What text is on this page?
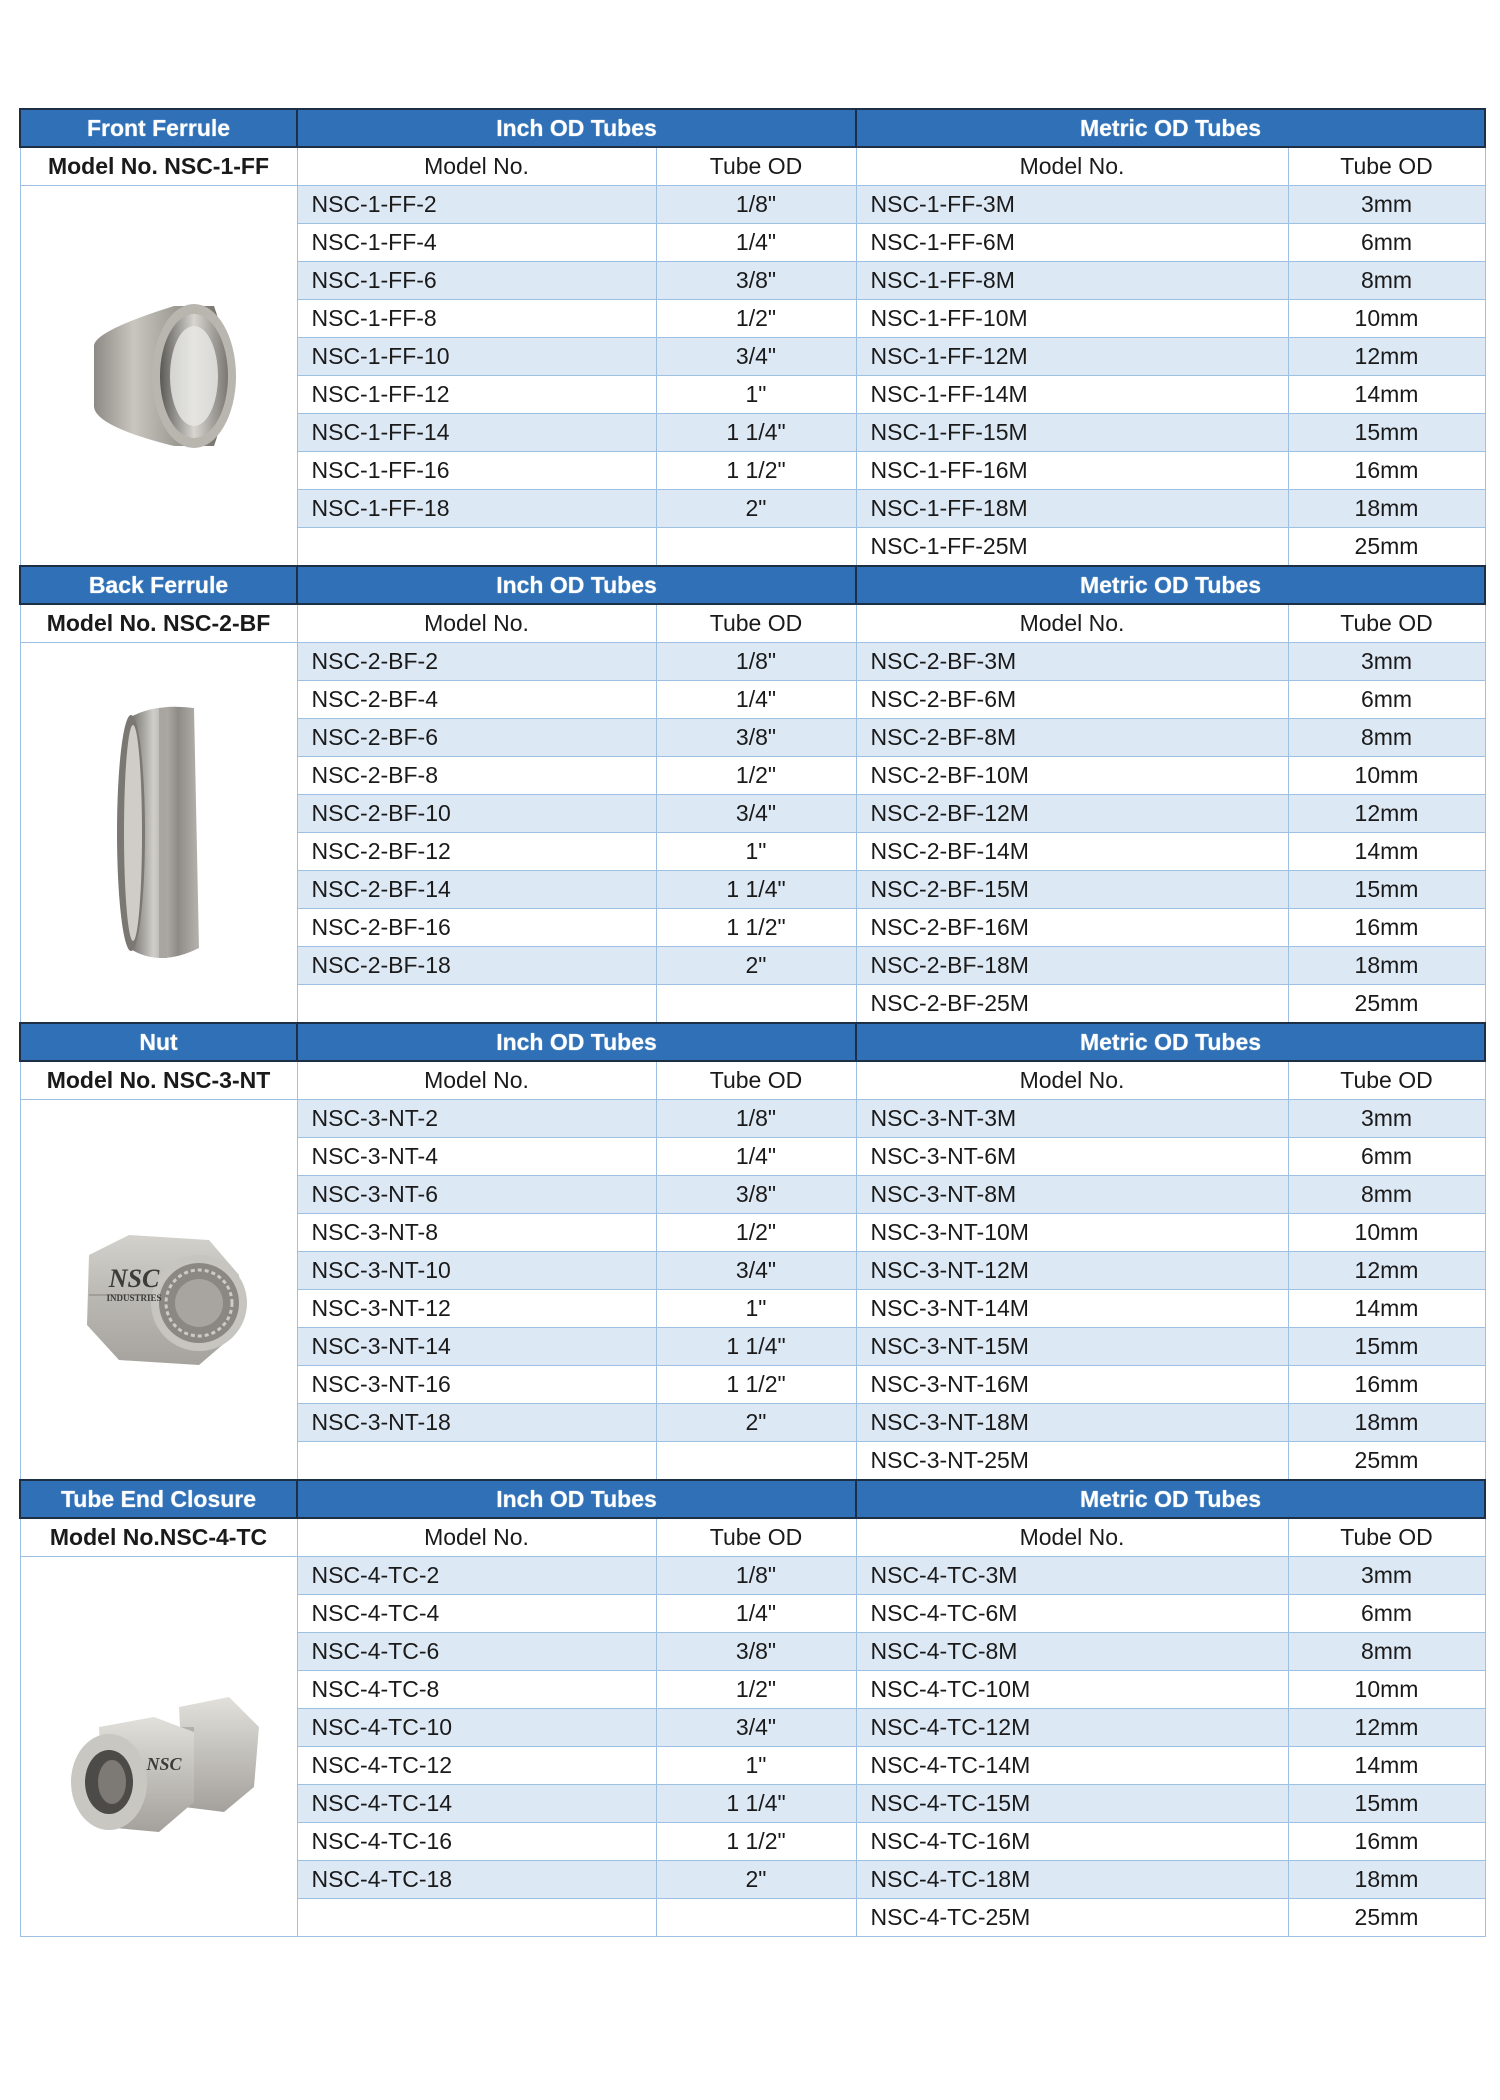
Front Ferrule	Inch OD Tubes		Metric OD Tubes	
Model No. NSC-1-FF	Model No.	Tube OD	Model No.	Tube OD

	NSC-1-FF-2	1/8"	NSC-1-FF-3M	3mm
	NSC-1-FF-4	1/4"	NSC-1-FF-6M	6mm
	NSC-1-FF-6	3/8"	NSC-1-FF-8M	8mm
	NSC-1-FF-8	1/2"	NSC-1-FF-10M	10mm
	NSC-1-FF-10	3/4"	NSC-1-FF-12M	12mm
	NSC-1-FF-12	1"	NSC-1-FF-14M	14mm
	NSC-1-FF-14	1 1/4"	NSC-1-FF-15M	15mm
	NSC-1-FF-16	1 1/2"	NSC-1-FF-16M	16mm
	NSC-1-FF-18	2"	NSC-1-FF-18M	18mm
			NSC-1-FF-25M	25mm
Back Ferrule	Inch OD Tubes		Metric OD Tubes	
Model No. NSC-2-BF	Model No.	Tube OD	Model No.	Tube OD

	NSC-2-BF-2	1/8"	NSC-2-BF-3M	3mm
	NSC-2-BF-4	1/4"	NSC-2-BF-6M	6mm
	NSC-2-BF-6	3/8"	NSC-2-BF-8M	8mm
	NSC-2-BF-8	1/2"	NSC-2-BF-10M	10mm
	NSC-2-BF-10	3/4"	NSC-2-BF-12M	12mm
	NSC-2-BF-12	1"	NSC-2-BF-14M	14mm
	NSC-2-BF-14	1 1/4"	NSC-2-BF-15M	15mm
	NSC-2-BF-16	1 1/2"	NSC-2-BF-16M	16mm
	NSC-2-BF-18	2"	NSC-2-BF-18M	18mm
			NSC-2-BF-25M	25mm
Nut	Inch OD Tubes		Metric OD Tubes	
Model No. NSC-3-NT	Model No.	Tube OD	Model No.	Tube OD

NSC
INDUSTRIES	NSC-3-NT-2	1/8"	NSC-3-NT-3M	3mm
	NSC-3-NT-4	1/4"	NSC-3-NT-6M	6mm
	NSC-3-NT-6	3/8"	NSC-3-NT-8M	8mm
	NSC-3-NT-8	1/2"	NSC-3-NT-10M	10mm
	NSC-3-NT-10	3/4"	NSC-3-NT-12M	12mm
	NSC-3-NT-12	1"	NSC-3-NT-14M	14mm
	NSC-3-NT-14	1 1/4"	NSC-3-NT-15M	15mm
	NSC-3-NT-16	1 1/2"	NSC-3-NT-16M	16mm
	NSC-3-NT-18	2"	NSC-3-NT-18M	18mm
			NSC-3-NT-25M	25mm
Tube End Closure	Inch OD Tubes		Metric OD Tubes	
Model No.NSC-4-TC	Model No.	Tube OD	Model No.	Tube OD

NSC	NSC-4-TC-2	1/8"	NSC-4-TC-3M	3mm
	NSC-4-TC-4	1/4"	NSC-4-TC-6M	6mm
	NSC-4-TC-6	3/8"	NSC-4-TC-8M	8mm
	NSC-4-TC-8	1/2"	NSC-4-TC-10M	10mm
	NSC-4-TC-10	3/4"	NSC-4-TC-12M	12mm
	NSC-4-TC-12	1"	NSC-4-TC-14M	14mm
	NSC-4-TC-14	1 1/4"	NSC-4-TC-15M	15mm
	NSC-4-TC-16	1 1/2"	NSC-4-TC-16M	16mm
	NSC-4-TC-18	2"	NSC-4-TC-18M	18mm
			NSC-4-TC-25M	25mm
